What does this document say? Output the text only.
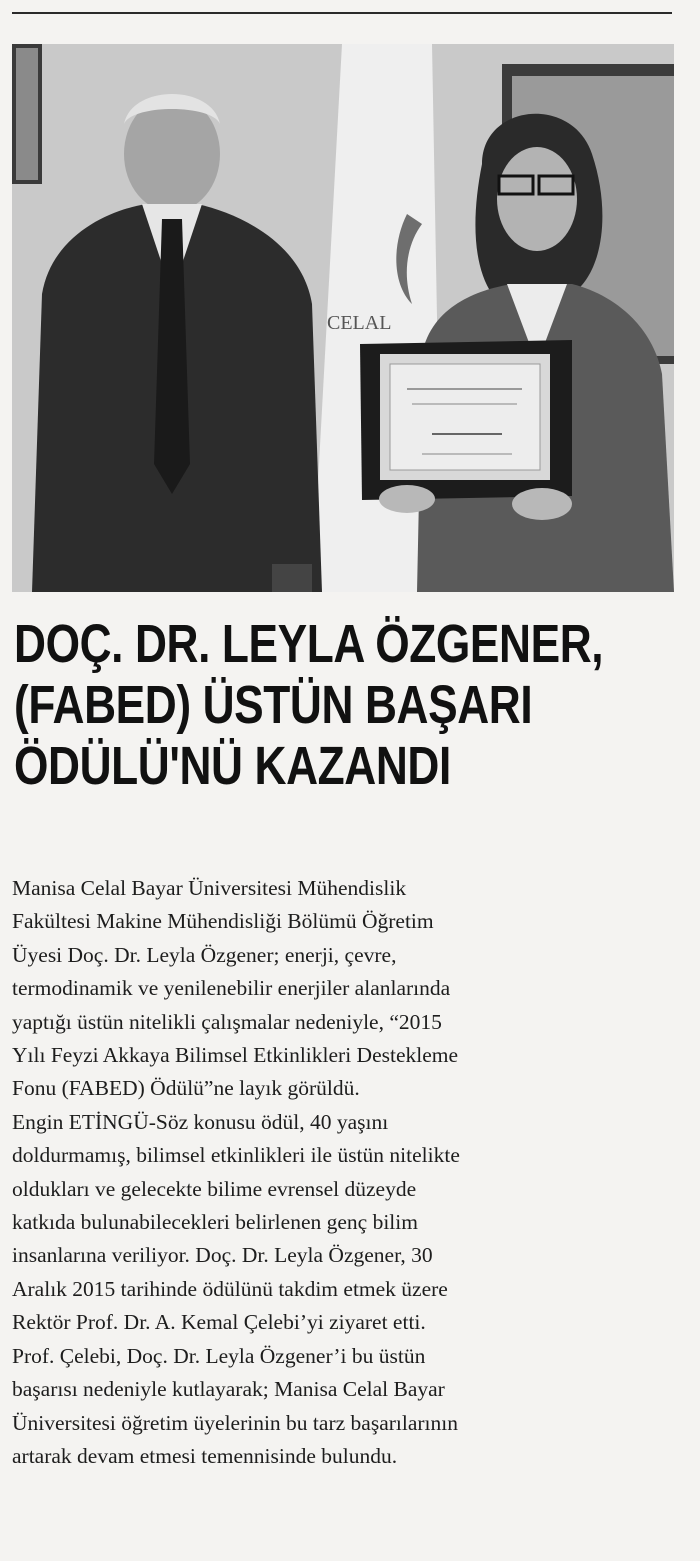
CELAL
DOÇ. DR. LEYLA ÖZGENER,
(FABED) ÜSTÜN BAŞARI
ÖDÜLÜ'NÜ KAZANDI

Manisa Celal Bayar Üniversitesi Mühendislik
Fakültesi Makine Mühendisliği Bölümü Öğretim
Üyesi Doç. Dr. Leyla Özgener; enerji, çevre,
termodinamik ve yenilenebilir enerjiler alanlarında
yaptığı üstün nitelikli çalışmalar nedeniyle, “2015
Yılı Feyzi Akkaya Bilimsel Etkinlikleri Destekleme
Fonu (FABED) Ödülü”ne layık görüldü.
Engin ETİNGÜ-Söz konusu ödül, 40 yaşını
doldurmamış, bilimsel etkinlikleri ile üstün nitelikte
oldukları ve gelecekte bilime evrensel düzeyde
katkıda bulunabilecekleri belirlenen genç bilim
insanlarına veriliyor. Doç. Dr. Leyla Özgener, 30
Aralık 2015 tarihinde ödülünü takdim etmek üzere
Rektör Prof. Dr. A. Kemal Çelebi’yi ziyaret etti.
Prof. Çelebi, Doç. Dr. Leyla Özgener’i bu üstün
başarısı nedeniyle kutlayarak; Manisa Celal Bayar
Üniversitesi öğretim üyelerinin bu tarz başarılarının
artarak devam etmesi temennisinde bulundu.
